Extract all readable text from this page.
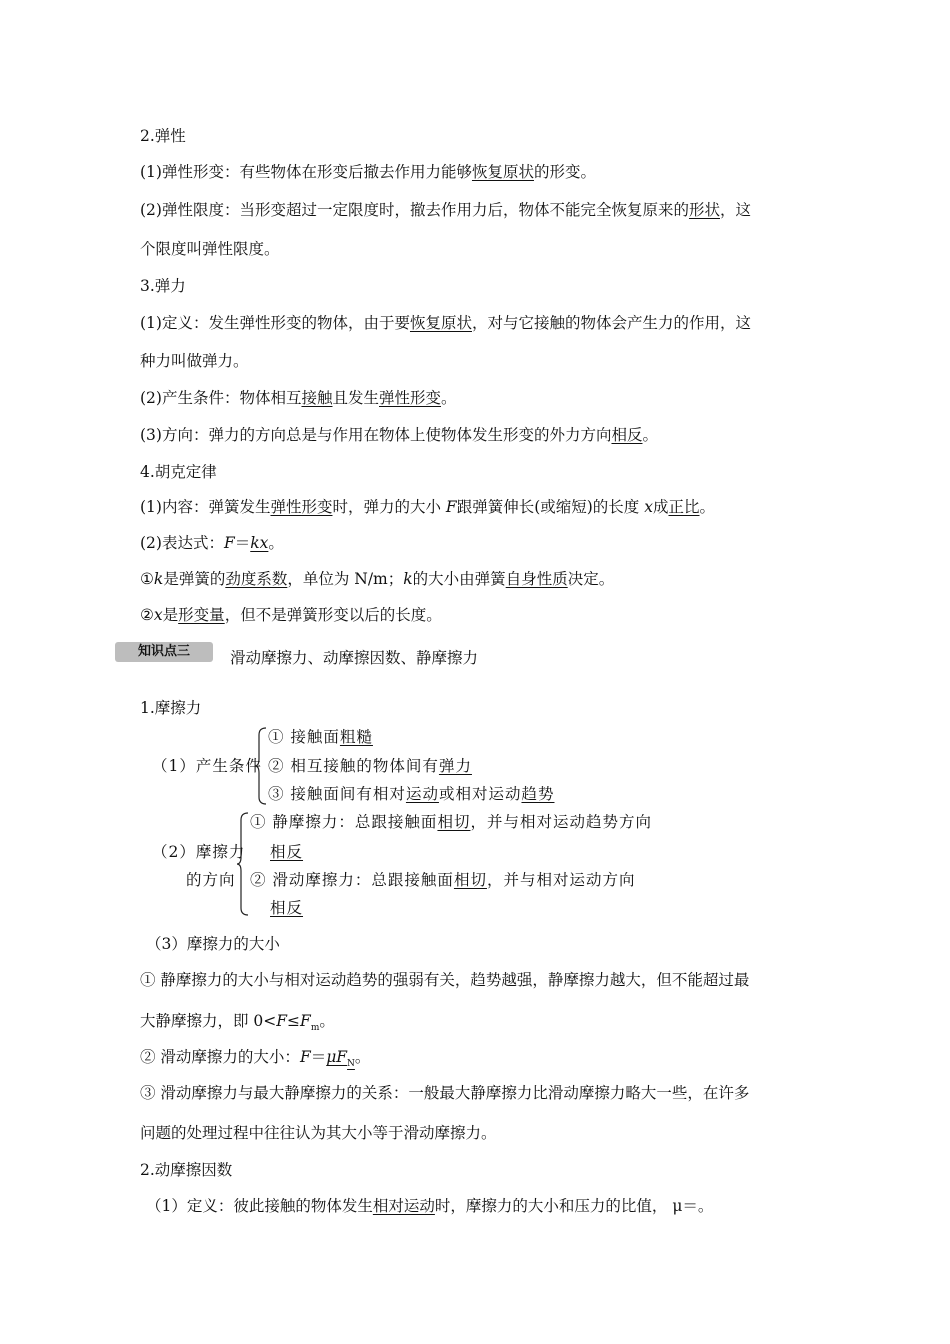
2.弹性
(1)弹性形变：有些物体在形变后撤去作用力能够恢复原状的形变。
(2)弹性限度：当形变超过一定限度时，撤去作用力后，物体不能完全恢复原来的形状，这
个限度叫弹性限度。
3.弹力
(1)定义：发生弹性形变的物体，由于要恢复原状，对与它接触的物体会产生力的作用，这
种力叫做弹力。
(2)产生条件：物体相互接触且发生弹性形变。
(3)方向：弹力的方向总是与作用在物体上使物体发生形变的外力方向相反。
4.胡克定律
(1)内容：弹簧发生弹性形变时，弹力的大小 F跟弹簧伸长(或缩短)的长度 x成正比。
(2)表达式：F＝kx。
①k是弹簧的劲度系数，单位为 N/m；k的大小由弹簧自身性质决定。
②x是形变量，但不是弹簧形变以后的长度。
知识点三	滑动摩擦力、动摩擦因数、静摩擦力
1.摩擦力
（1）产生条件
① 接触面粗糙
② 相互接触的物体间有弹力
③ 接触面间有相对运动或相对运动趋势
（2）摩擦力
的方向
① 静摩擦力：总跟接触面相切，并与相对运动趋势方向
相反
② 滑动摩擦力：总跟接触面相切，并与相对运动方向
相反
（3）摩擦力的大小
① 静摩擦力的大小与相对运动趋势的强弱有关，趋势越强，静摩擦力越大，但不能超过最
大静摩擦力，即 $0<F\le F_m$。
② 滑动摩擦力的大小：$F=\mu F_N$。
③ 滑动摩擦力与最大静摩擦力的关系：一般最大静摩擦力比滑动摩擦力略大一些，在许多
问题的处理过程中往往认为其大小等于滑动摩擦力。
2.动摩擦因数
（1）定义：彼此接触的物体发生相对运动时，摩擦力的大小和压力的比值， μ＝。
